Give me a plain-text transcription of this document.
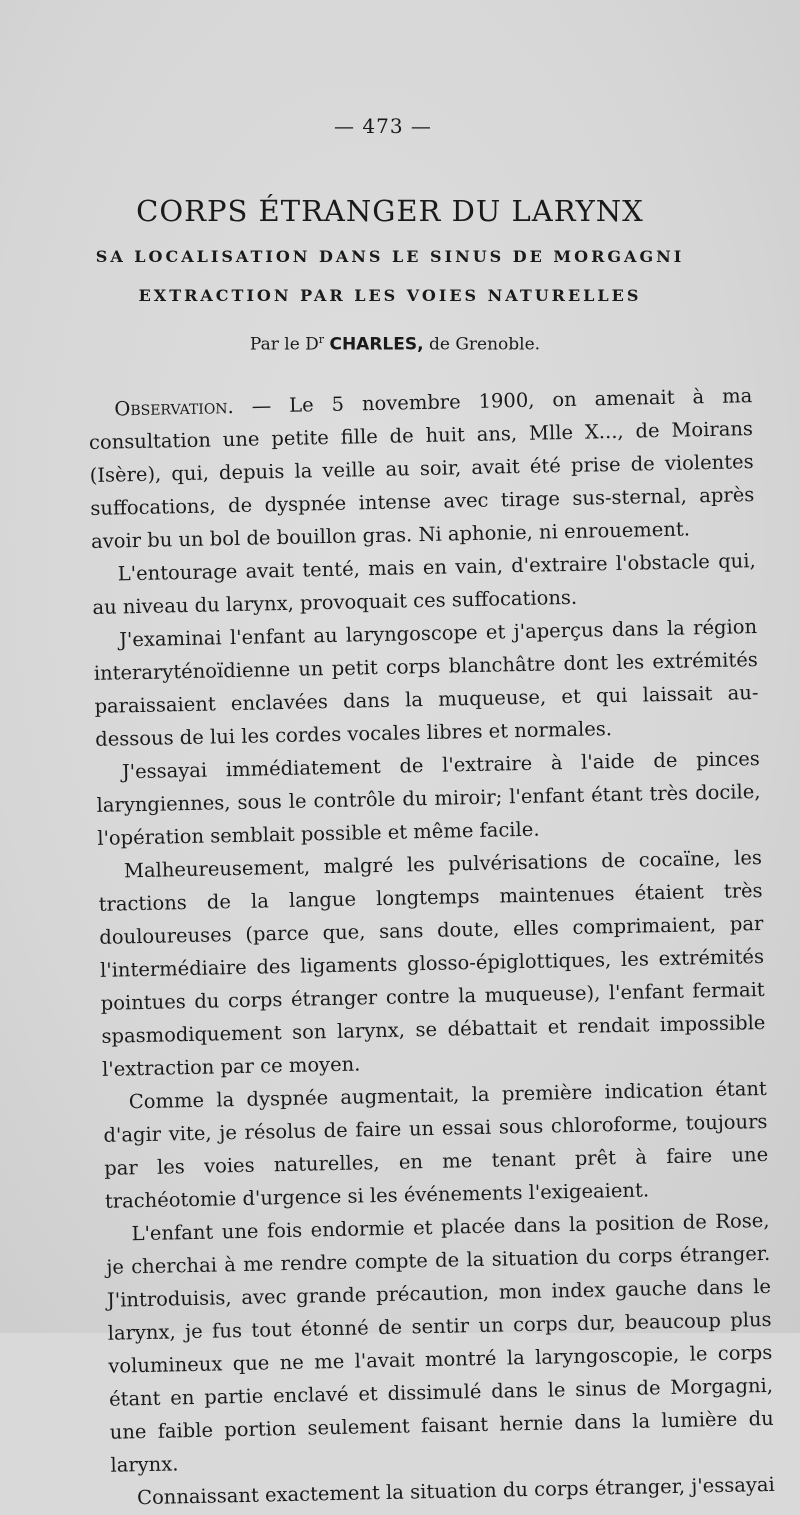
— 473 —
CORPS ÉTRANGER DU LARYNX
SA LOCALISATION DANS LE SINUS DE MORGAGNI
EXTRACTION PAR LES VOIES NATURELLES
Par le $D^r$ CHARLES, de Grenoble.

Observation. — Le 5 novembre 1900, on amenait à ma consultation une petite fille de huit ans, Mlle X..., de Moirans (Isère), qui, depuis la veille au soir, avait été prise de violentes suffocations, de dyspnée intense avec tirage sus-sternal, après avoir bu un bol de bouillon gras. Ni aphonie, ni enrouement.

L'entourage avait tenté, mais en vain, d'extraire l'obstacle qui, au niveau du larynx, provoquait ces suffocations.

J'examinai l'enfant au laryngoscope et j'aperçus dans la région interaryténoïdienne un petit corps blanchâtre dont les extrémités paraissaient enclavées dans la muqueuse, et qui laissait au-dessous de lui les cordes vocales libres et normales.

J'essayai immédiatement de l'extraire à l'aide de pinces laryngiennes, sous le contrôle du miroir; l'enfant étant très docile, l'opération semblait possible et même facile.

Malheureusement, malgré les pulvérisations de cocaïne, les tractions de la langue longtemps maintenues étaient très douloureuses (parce que, sans doute, elles comprimaient, par l'intermédiaire des ligaments glosso-épiglottiques, les extrémités pointues du corps étranger contre la muqueuse), l'enfant fermait spasmodiquement son larynx, se débattait et rendait impossible l'extraction par ce moyen.

Comme la dyspnée augmentait, la première indication étant d'agir vite, je résolus de faire un essai sous chloroforme, toujours par les voies naturelles, en me tenant prêt à faire une trachéotomie d'urgence si les événements l'exigeaient.

L'enfant une fois endormie et placée dans la position de Rose, je cherchai à me rendre compte de la situation du corps étranger. J'introduisis, avec grande précaution, mon index gauche dans le larynx, je fus tout étonné de sentir un corps dur, beaucoup plus volumineux que ne me l'avait montré la laryngoscopie, le corps étant en partie enclavé et dissimulé dans le sinus de Morgagni, une faible portion seulement faisant hernie dans la lumière du larynx.

Connaissant exactement la situation du corps étranger, j'essayai
